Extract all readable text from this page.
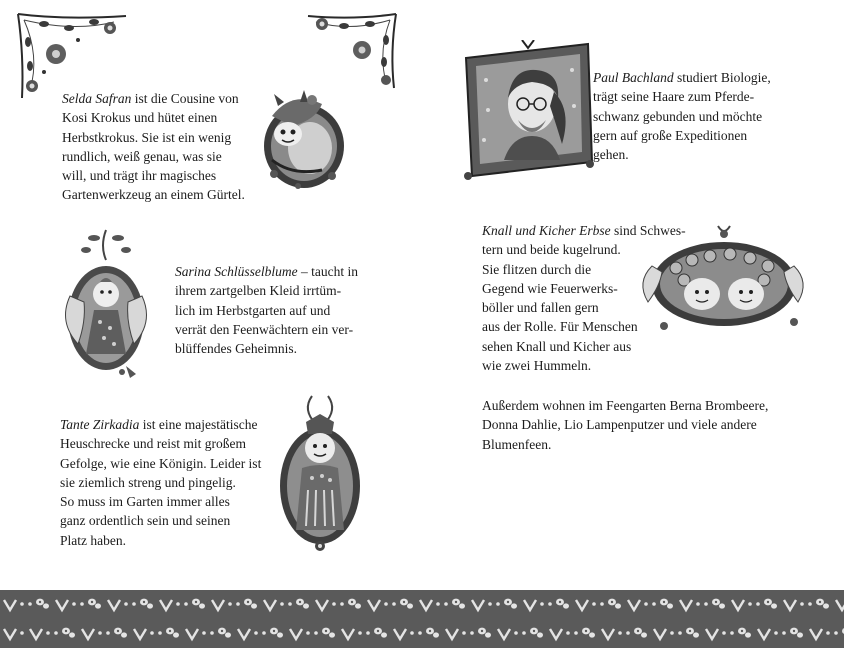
Selda Safran ist die Cousine von
Kosi Krokus und hütet einen
Herbstkrokus. Sie ist ein wenig
rundlich, weiß genau, was sie
will, und trägt ihr magisches
Gartenwerkzeug an einem Gürtel.

Sarina Schlüsselblume – taucht in
ihrem zartgelben Kleid irrtüm-
lich im Herbstgarten auf und
verrät den Feenwächtern ein ver-
blüffendes Geheimnis.

Tante Zirkadia ist eine majestätische
Heuschrecke und reist mit großem
Gefolge, wie eine Königin. Leider ist
sie ziemlich streng und pingelig.
So muss im Garten immer alles
ganz ordentlich sein und seinen
Platz haben.

Paul Bachland studiert Biologie,
trägt seine Haare zum Pferde-
schwanz gebunden und möchte
gern auf große Expeditionen
gehen.

Knall und Kicher Erbse sind Schwes-
tern und beide kugelrund.
Sie flitzen durch die
Gegend wie Feuerwerks-
böller und fallen gern
aus der Rolle. Für Menschen
sehen Knall und Kicher aus
wie zwei Hummeln.

Außerdem wohnen im Feengarten Berna Brombeere,
Donna Dahlie, Lio Lampenputzer und viele andere
Blumenfeen.
